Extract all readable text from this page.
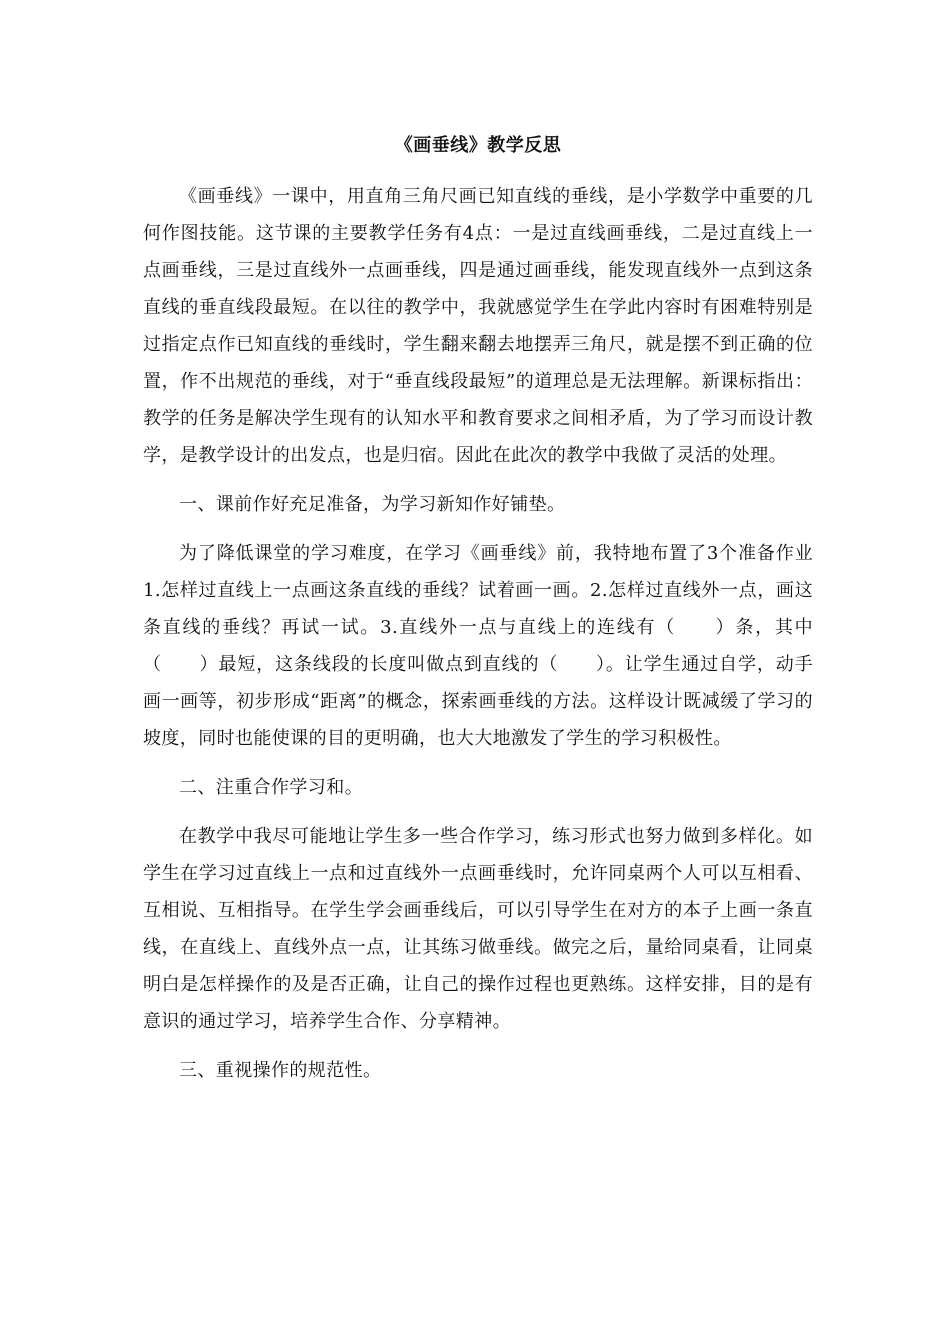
《画垂线》教学反思

《画垂线》一课中，用直角三角尺画已知直线的垂线，是小学数学中重要的几何作图技能。这节课的主要教学任务有4点：一是过直线画垂线，二是过直线上一点画垂线，三是过直线外一点画垂线，四是通过画垂线，能发现直线外一点到这条直线的垂直线段最短。在以往的教学中，我就感觉学生在学此内容时有困难特别是过指定点作已知直线的垂线时，学生翻来翻去地摆弄三角尺，就是摆不到正确的位置，作不出规范的垂线，对于“垂直线段最短”的道理总是无法理解。新课标指出：教学的任务是解决学生现有的认知水平和教育要求之间相矛盾，为了学习而设计教学，是教学设计的出发点，也是归宿。因此在此次的教学中我做了灵活的处理。

一、课前作好充足准备，为学习新知作好铺垫。

为了降低课堂的学习难度，在学习《画垂线》前，我特地布置了3个准备作业1.怎样过直线上一点画这条直线的垂线？试着画一画。2.怎样过直线外一点，画这条直线的垂线？再试一试。3.直线外一点与直线上的连线有（　　）条，其中（　　）最短，这条线段的长度叫做点到直线的（　　）。让学生通过自学，动手画一画等，初步形成“距离”的概念，探索画垂线的方法。这样设计既减缓了学习的坡度，同时也能使课的目的更明确，也大大地激发了学生的学习积极性。

二、注重合作学习和。

在教学中我尽可能地让学生多一些合作学习，练习形式也努力做到多样化。如学生在学习过直线上一点和过直线外一点画垂线时，允许同桌两个人可以互相看、互相说、互相指导。在学生学会画垂线后，可以引导学生在对方的本子上画一条直线，在直线上、直线外点一点，让其练习做垂线。做完之后，量给同桌看，让同桌明白是怎样操作的及是否正确，让自己的操作过程也更熟练。这样安排，目的是有意识的通过学习，培养学生合作、分享精神。

三、重视操作的规范性。
